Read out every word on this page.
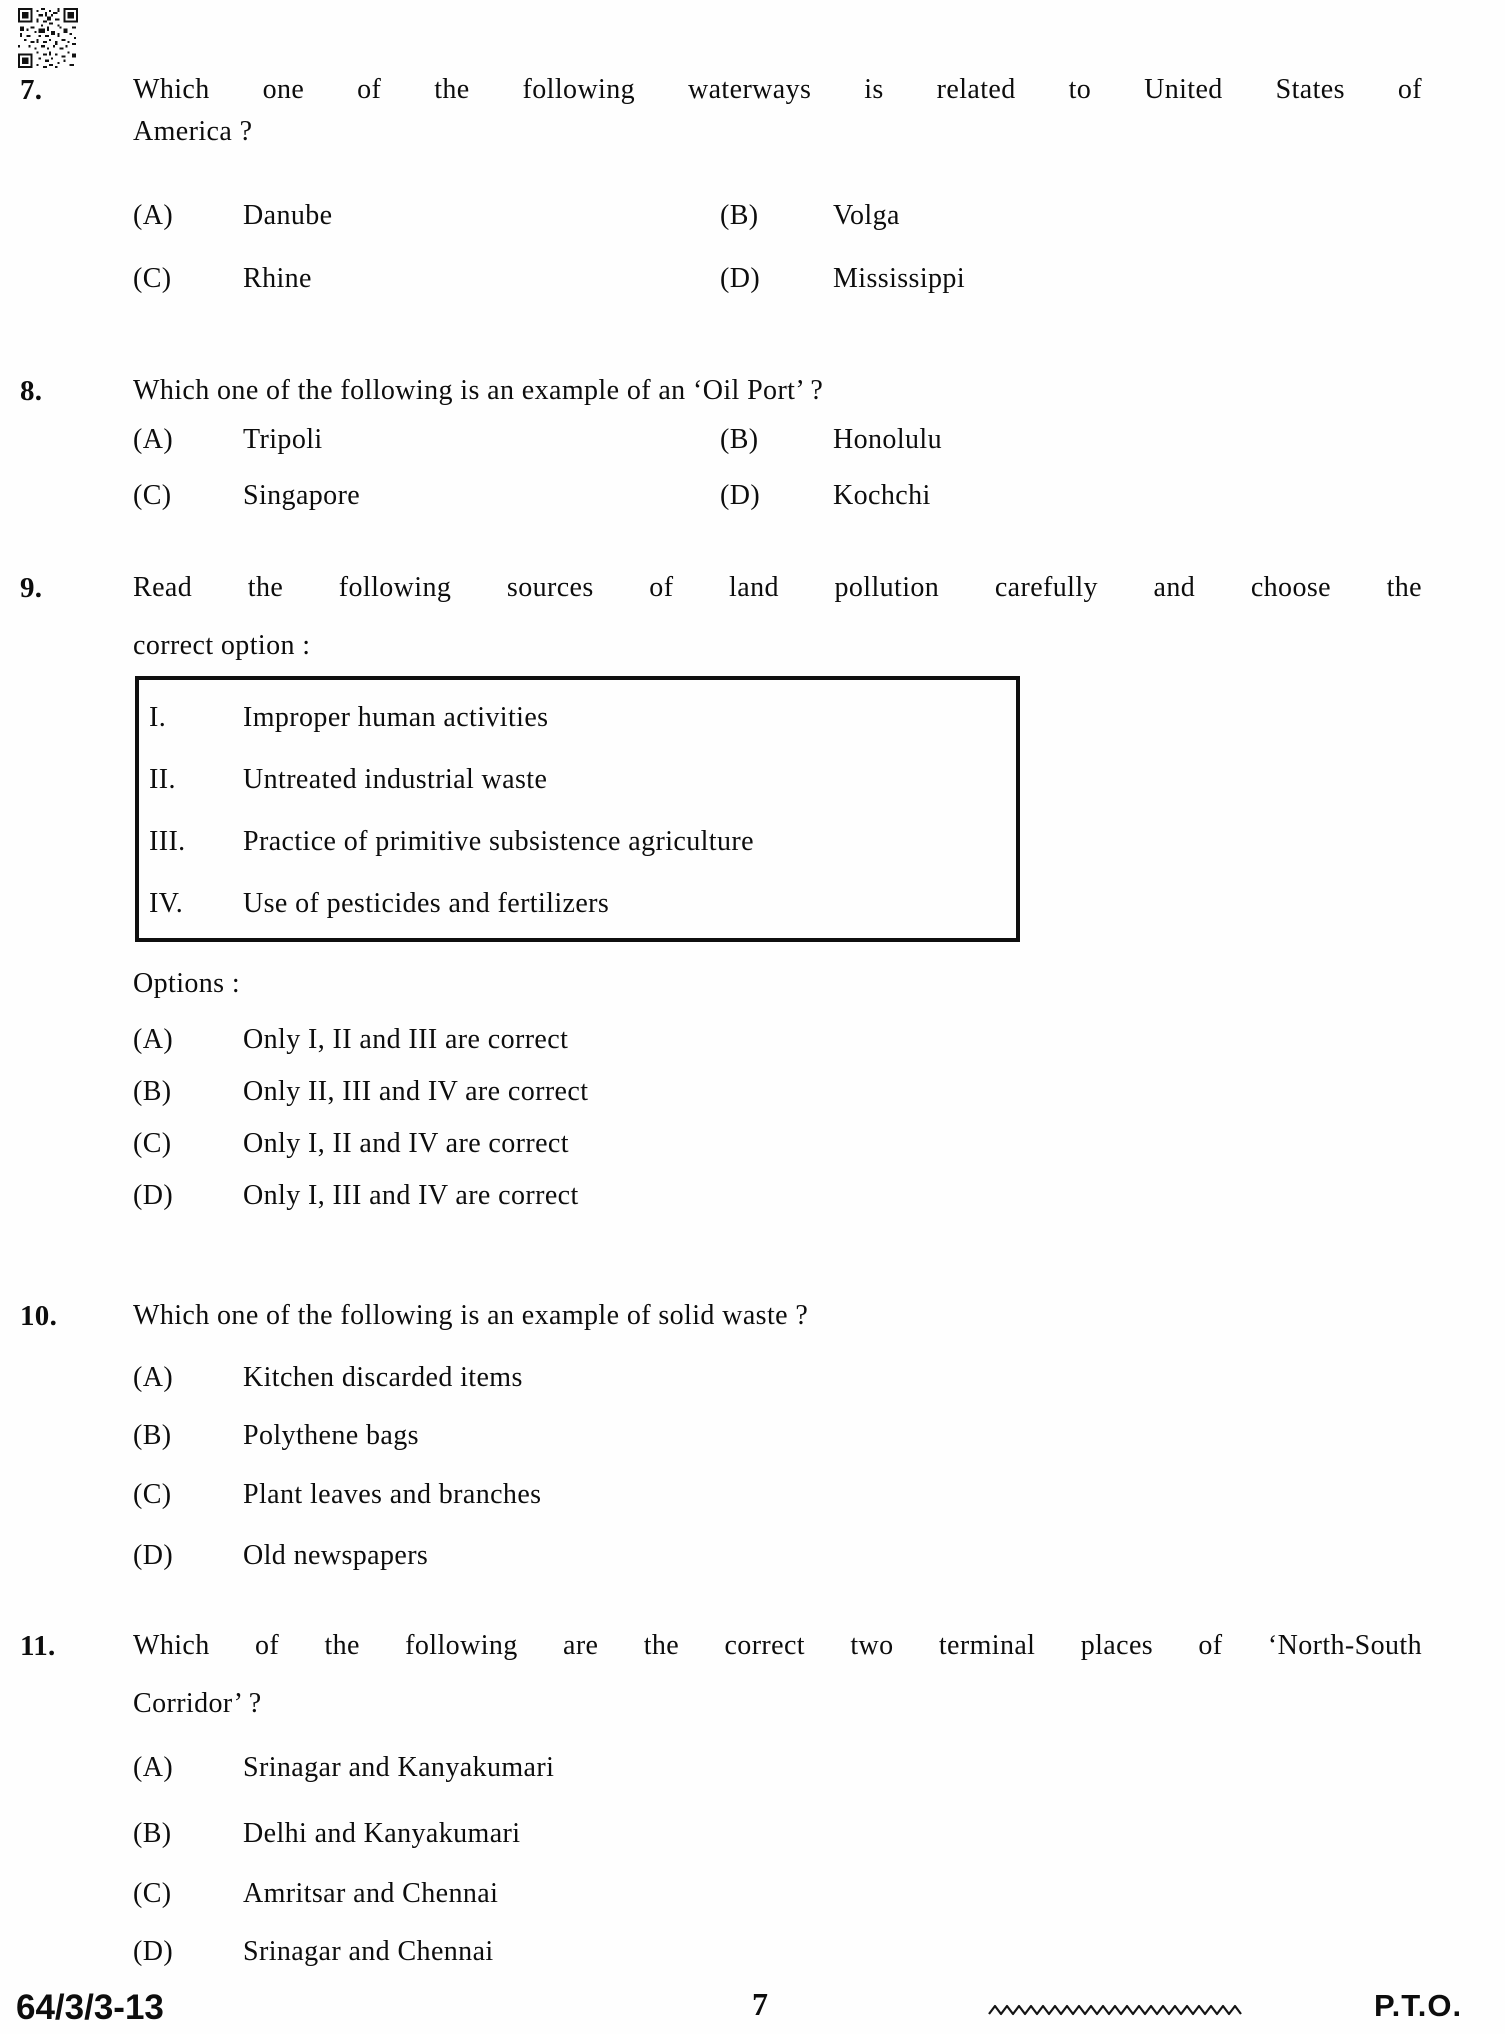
7.	Which one of the following waterways is related to United States of
America ?
(A) Danube	(B)	Volga
(C)	Rhine	(D)	Mississippi
8.	Which one of the following is an example of an ‘Oil Port’ ?
(A) Tripoli	(B)	Honolulu
(C)	Singapore	(D)	Kochchi
9.	Read the following sources of land pollution carefully and choose the
correct option :
I.	Improper human activities
II. Untreated industrial waste
III. Practice of primitive subsistence agriculture
IV. Use of pesticides and fertilizers
Options :
(A) Only I, II and III are correct
(B)	Only II, III and IV are correct
(C)	Only I, II and IV are correct
(D) Only I, III and IV are correct
10.	Which one of the following is an example of solid waste ?
(A) Kitchen discarded items
(B)	Polythene bags
(C)	Plant leaves and branches
(D) Old newspapers
11.	Which of the following are the correct two terminal places of ‘North-South
Corridor’ ?
(A) Srinagar and Kanyakumari
(B)	Delhi and Kanyakumari
(C)	Amritsar and Chennai
(D) Srinagar and Chennai
64/3/3-13	7	P.T.O.
